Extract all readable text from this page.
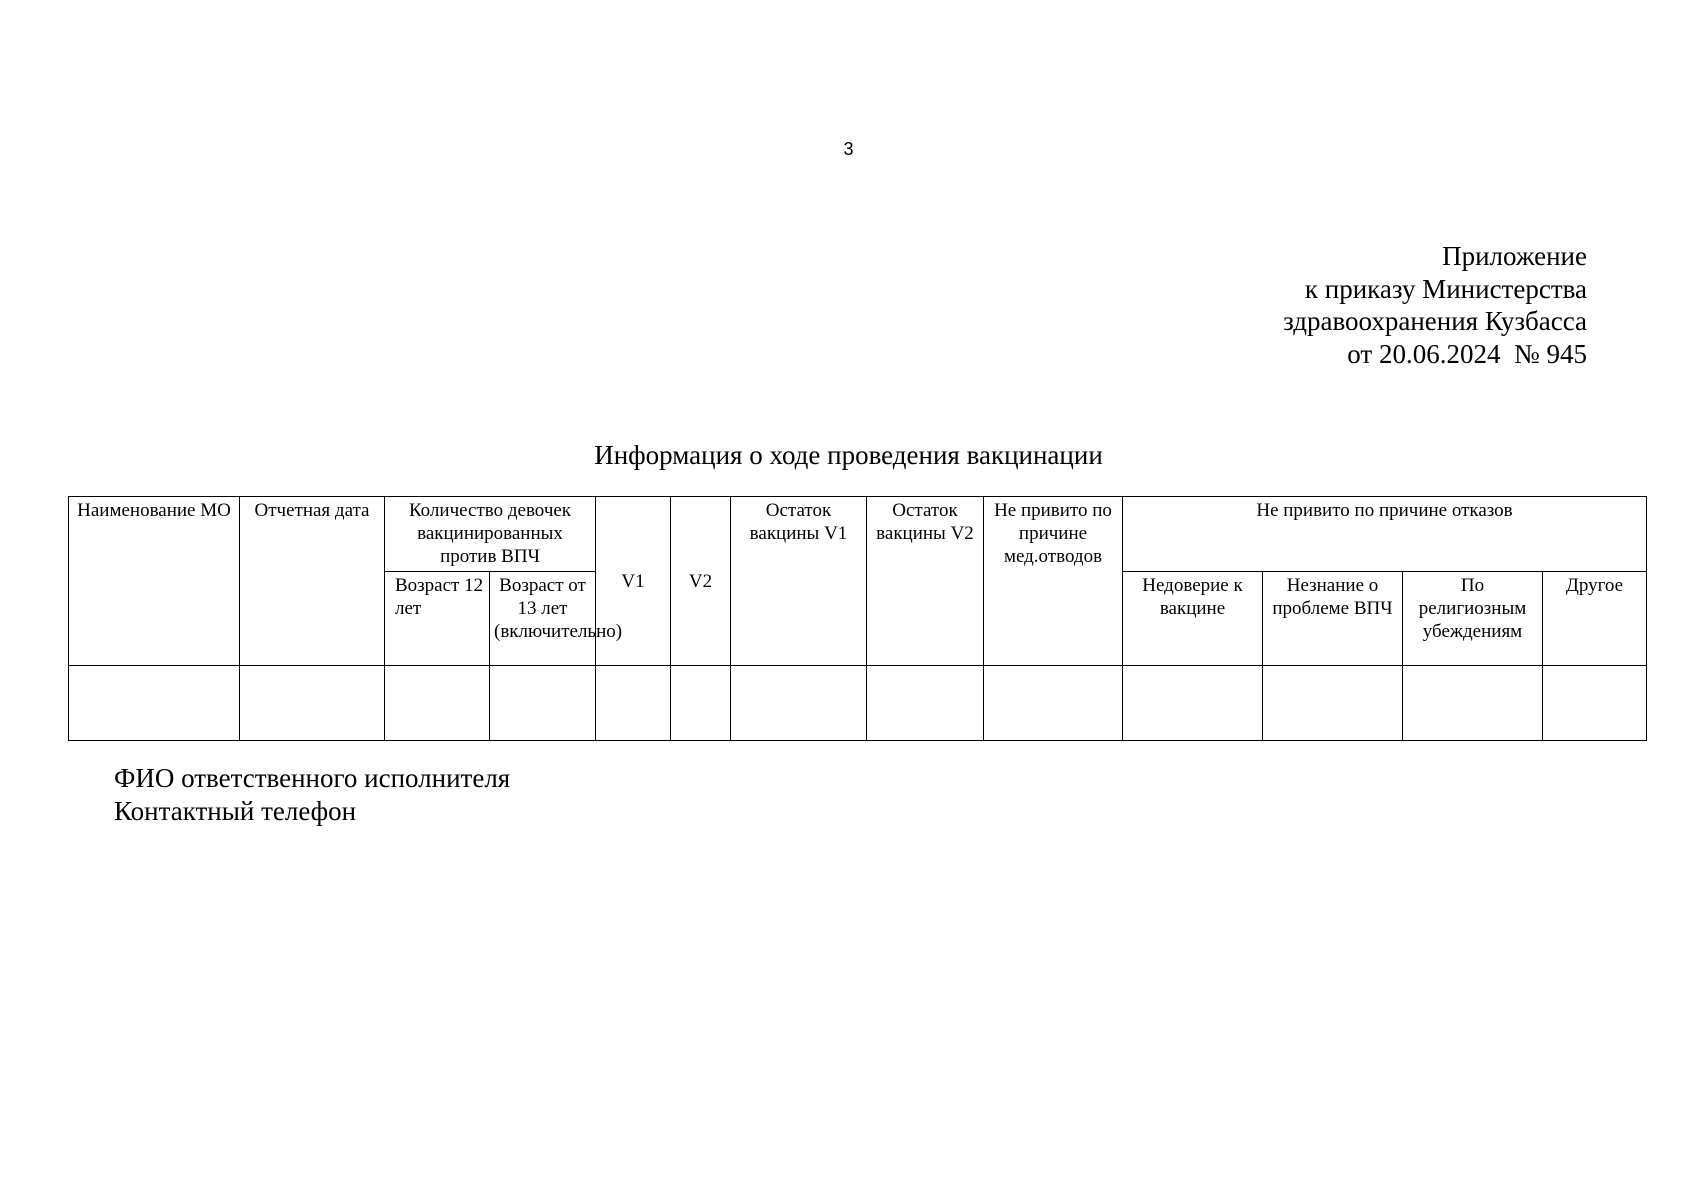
3
Приложение
к приказу Министерства
здравоохранения Кузбасса
от 20.06.2024  № 945
Информация о ходе проведения вакцинации
Наименование МО	Отчетная дата	Количество девочек вакцинированных против ВПЧ		V1	V2	Остаток вакцины V1	Остаток вакцины V2	Не привито по причине мед.отводов	Не привито по причине отказов			
		Возраст 12 лет	Возраст от 13 лет (включительно)						Недоверие к вакцине	Незнание о проблеме ВПЧ	По религиозным убеждениям	Другое

ФИО ответственного исполнителя
Контактный телефон
